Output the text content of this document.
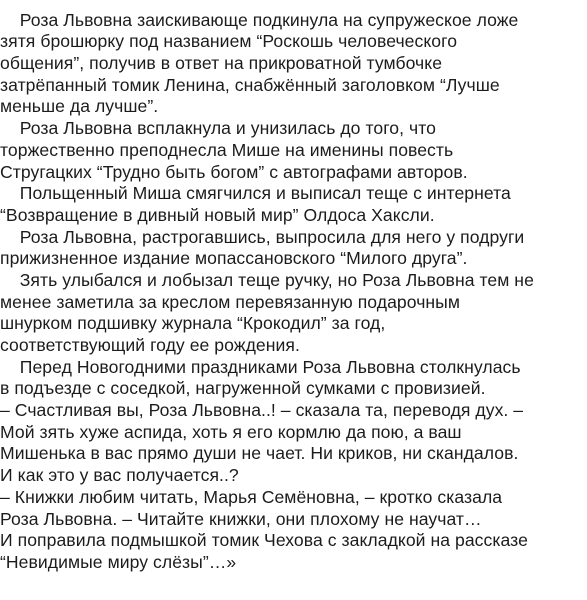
Роза Львовна заискивающе подкинула на супружеское ложе
зятя брошюрку под названием “Роскошь человеческого
общения”, получив в ответ на прикроватной тумбочке
затрёпанный томик Ленина, снабжённый заголовком “Лучше
меньше да лучше”.
Роза Львовна всплакнула и унизилась до того, что
торжественно преподнесла Мише на именины повесть
Стругацких “Трудно быть богом” с автографами авторов.
Польщенный Миша смягчился и выписал теще с интернета
“Возвращение в дивный новый мир” Олдоса Хаксли.
Роза Львовна, растрогавшись, выпросила для него у подруги
прижизненное издание мопассановского “Милого друга”.
Зять улыбался и лобызал теще ручку, но Роза Львовна тем не
менее заметила за креслом перевязанную подарочным
шнурком подшивку журнала “Крокодил” за год,
соответствующий году ее рождения.
Перед Новогодними праздниками Роза Львовна столкнулась
в подъезде с соседкой, нагруженной сумками с провизией.
– Счастливая вы, Роза Львовна..! – сказала та, переводя дух. –
Мой зять хуже аспида, хоть я его кормлю да пою, а ваш
Мишенька в вас прямо души не чает. Ни криков, ни скандалов.
И как это у вас получается..?
– Книжки любим читать, Марья Семёновна, – кротко сказала
Роза Львовна. – Читайте книжки, они плохому не научат…
И поправила подмышкой томик Чехова с закладкой на рассказе
“Невидимые миру слёзы”…»
